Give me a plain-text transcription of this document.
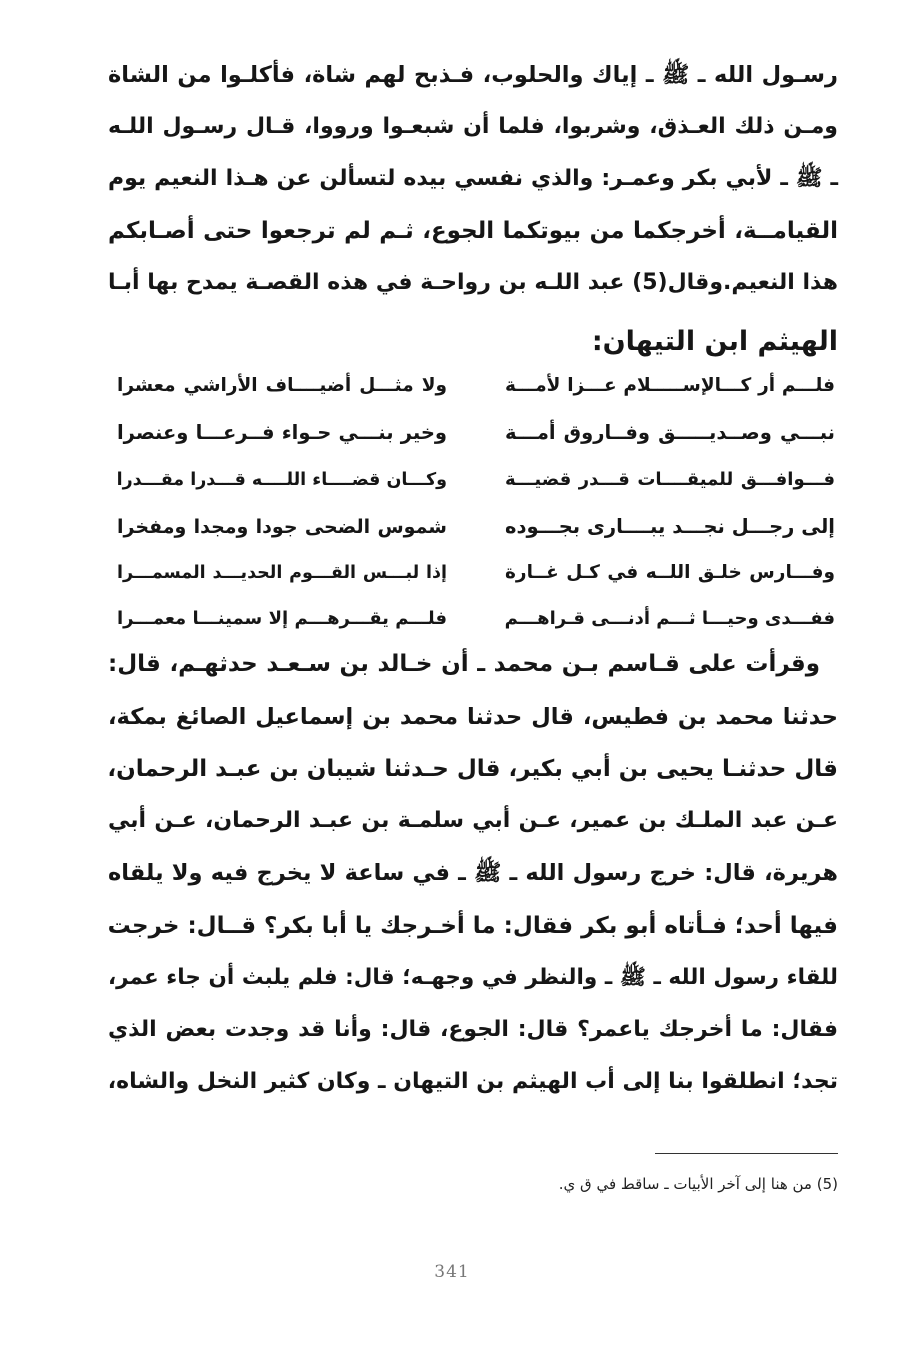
رسـول الله ـ ﷺ ـ إياك والحلوب، فـذبح لهم شاة، فأكلـوا من الشاة
ومـن ذلك العـذق، وشربوا، فلما أن شبعـوا ورووا، قـال رسـول اللـه
ـ ﷺ ـ لأبي بكر وعمـر: والذي نفسي بيده لتسألن عن هـذا النعيم يوم
القيامــة، أخرجكما من بيوتكما الجوع، ثـم لم ترجعوا حتى أصـابكم
هذا النعيم.وقال(5) عبد اللـه بن رواحـة في هذه القصـة يمدح بها أبـا
الهيثم ابن التيهان:
فلـــم أر كـــالإســـــلام عـــزا لأمـــة
ولا مثـــل أضيــــاف الأراشي معشرا
نبـــي وصــديـــــق وفــاروق أمـــة
وخير بنـــي حـواء فــرعـــا وعنصرا
فـــوافـــق للميقــــات قـــدر قضيـــة
وكـــان قضــــاء اللــــه قـــدرا مقـــدرا
إلى رجـــل نجـــد يبــــارى بجـــوده
شموس الضحى جودا ومجدا ومفخرا
وفـــارس خلـق اللــه في كـل غــارة
إذا لبـــس القـــوم الحديـــد المسمـــرا
ففـــدى وحيـــا ثـــم أدنـــى قـراهـــم
فلـــم يقـــرهـــم إلا سمينـــا معمـــرا
وقرأت على قـاسم بـن محمد ـ أن خـالد بن سـعـد حدثهـم، قال:
حدثنا محمد بن فطيس، قال حدثنا محمد بن إسماعيل الصائغ بمكة،
قال حدثنـا يحيى بن أبي بكير، قال حـدثنا شيبان بن عبـد الرحمان،
عـن عبد الملـك بن عمير، عـن أبي سلمـة بن عبـد الرحمان، عـن أبي
هريرة، قال: خرج رسول الله ـ ﷺ ـ في ساعة لا يخرج فيه ولا يلقاه
فيها أحد؛ فـأتاه أبو بكر فقال: ما أخـرجك يا أبا بكر؟ قــال: خرجت
للقاء رسول الله ـ ﷺ ـ والنظر في وجهـه؛ قال: فلم يلبث أن جاء عمر،
فقال: ما أخرجك ياعمر؟ قال: الجوع، قال: وأنا قد وجدت بعض الذي
تجد؛ انطلقوا بنا إلى أب الهيثم بن التيهان ـ وكان كثير النخل والشاه،
(5) من هنا إلى آخر الأبيات ـ ساقط في ق ي.
341
